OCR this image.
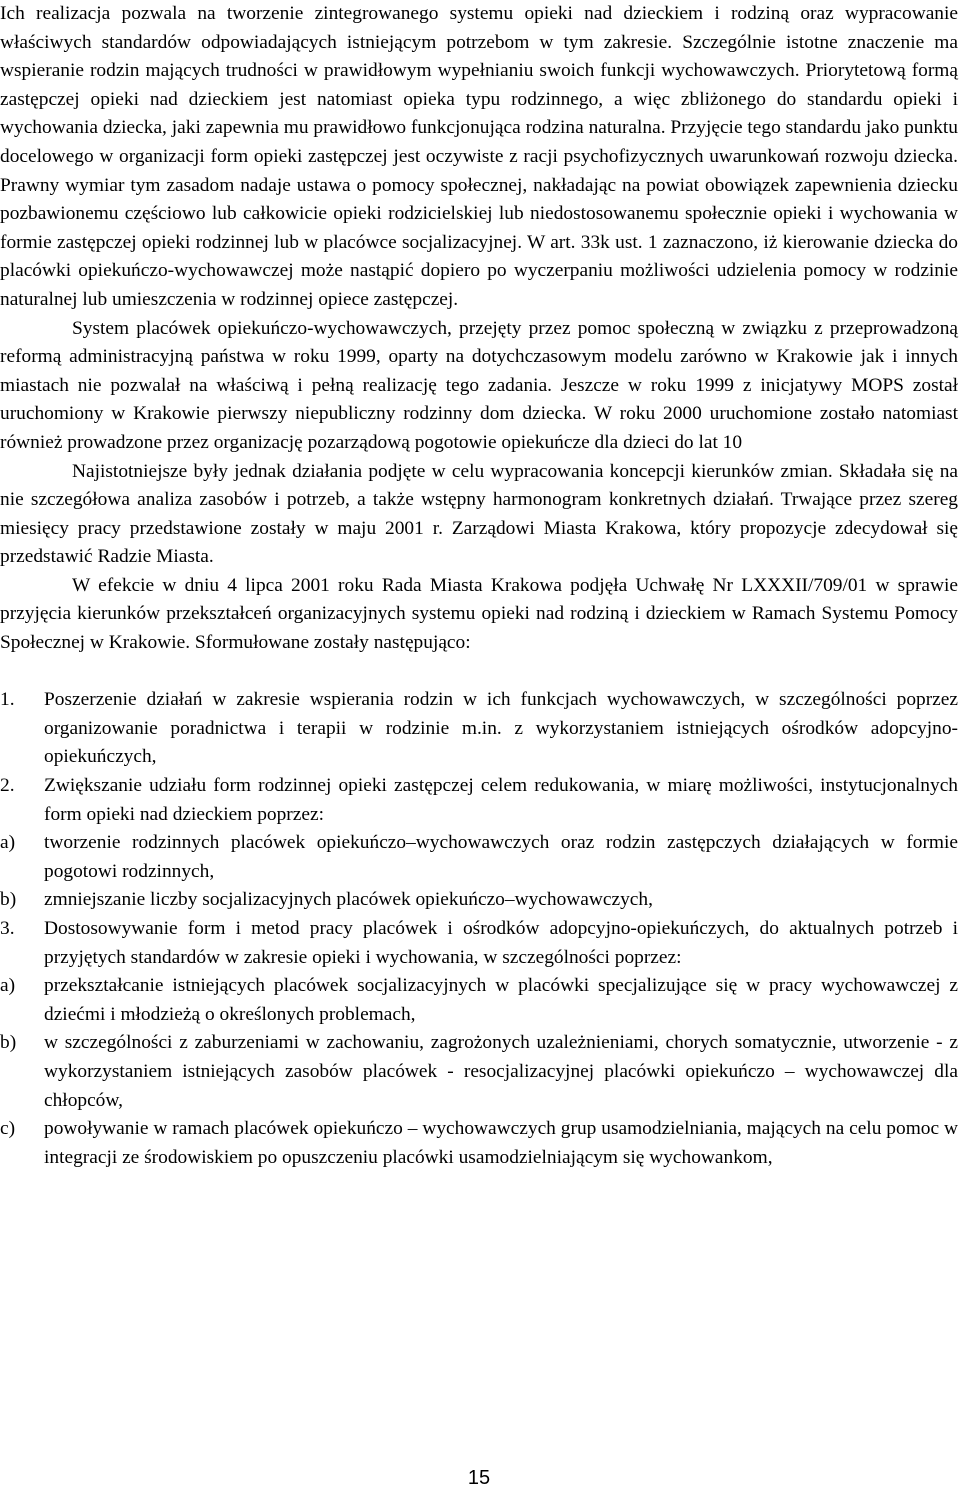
Ich realizacja pozwala na tworzenie zintegrowanego systemu opieki nad dzieckiem i rodziną oraz wypracowanie właściwych standardów odpowiadających istniejącym potrzebom w tym zakresie. Szczególnie istotne znaczenie ma wspieranie rodzin mających trudności w prawidłowym wypełnianiu swoich funkcji wychowawczych. Priorytetową formą zastępczej opieki nad dzieckiem jest natomiast opieka typu rodzinnego, a więc zbliżonego do standardu opieki i wychowania dziecka, jaki zapewnia mu prawidłowo funkcjonująca rodzina naturalna. Przyjęcie tego standardu jako punktu docelowego w organizacji form opieki zastępczej jest oczywiste z racji psychofizycznych uwarunkowań rozwoju dziecka. Prawny wymiar tym zasadom nadaje ustawa o pomocy społecznej, nakładając na powiat obowiązek zapewnienia dziecku pozbawionemu częściowo lub całkowicie opieki rodzicielskiej lub niedostosowanemu społecznie opieki i wychowania w formie zastępczej opieki rodzinnej lub w placówce socjalizacyjnej. W art. 33k ust. 1 zaznaczono, iż kierowanie dziecka do placówki opiekuńczo-wychowawczej może nastąpić dopiero po wyczerpaniu możliwości udzielenia pomocy w rodzinie naturalnej lub umieszczenia w rodzinnej opiece zastępczej.

System placówek opiekuńczo-wychowawczych, przejęty przez pomoc społeczną w związku z przeprowadzoną reformą administracyjną państwa w roku 1999, oparty na dotychczasowym modelu zarówno w Krakowie jak i innych miastach nie pozwalał na właściwą i pełną realizację tego zadania. Jeszcze w roku 1999 z inicjatywy MOPS został uruchomiony w Krakowie pierwszy niepubliczny rodzinny dom dziecka. W roku 2000 uruchomione zostało natomiast również prowadzone przez organizację pozarządową pogotowie opiekuńcze dla dzieci do lat 10

Najistotniejsze były jednak działania podjęte w celu wypracowania koncepcji kierunków zmian. Składała się na nie szczegółowa analiza zasobów i potrzeb, a także wstępny harmonogram konkretnych działań. Trwające przez szereg miesięcy pracy przedstawione zostały w maju 2001 r. Zarządowi Miasta Krakowa, który propozycje zdecydował się przedstawić Radzie Miasta.

W efekcie w dniu 4 lipca 2001 roku Rada Miasta Krakowa podjęła Uchwałę Nr LXXXII/709/01 w sprawie przyjęcia kierunków przekształceń organizacyjnych systemu opieki nad rodziną i dzieckiem w Ramach Systemu Pomocy Społecznej w Krakowie. Sformułowane zostały następująco:

1.	Poszerzenie działań w zakresie wspierania rodzin w ich funkcjach wychowawczych, w szczególności poprzez organizowanie poradnictwa i terapii w rodzinie m.in. z wykorzystaniem istniejących ośrodków adopcyjno-opiekuńczych,
2.	Zwiększanie udziału form rodzinnej opieki zastępczej celem redukowania, w miarę możliwości, instytucjonalnych form opieki nad dzieckiem poprzez:
a)	tworzenie rodzinnych placówek opiekuńczo–wychowawczych oraz rodzin zastępczych działających w formie pogotowi rodzinnych,
b)	zmniejszanie liczby socjalizacyjnych placówek opiekuńczo–wychowawczych,
3.	Dostosowywanie form i metod pracy placówek i ośrodków adopcyjno-opiekuńczych, do aktualnych potrzeb i przyjętych standardów w zakresie opieki i wychowania, w szczególności poprzez:
a)	przekształcanie istniejących placówek socjalizacyjnych w placówki specjalizujące się w pracy wychowawczej z dziećmi i młodzieżą o określonych problemach,
b)	w szczególności z zaburzeniami w zachowaniu, zagrożonych uzależnieniami, chorych somatycznie, utworzenie - z wykorzystaniem istniejących zasobów placówek - resocjalizacyjnej placówki opiekuńczo – wychowawczej dla chłopców,
c)	powoływanie w ramach placówek opiekuńczo – wychowawczych grup usamodzielniania, mających na celu pomoc w integracji ze środowiskiem po opuszczeniu placówki usamodzielniającym się wychowankom,
15
